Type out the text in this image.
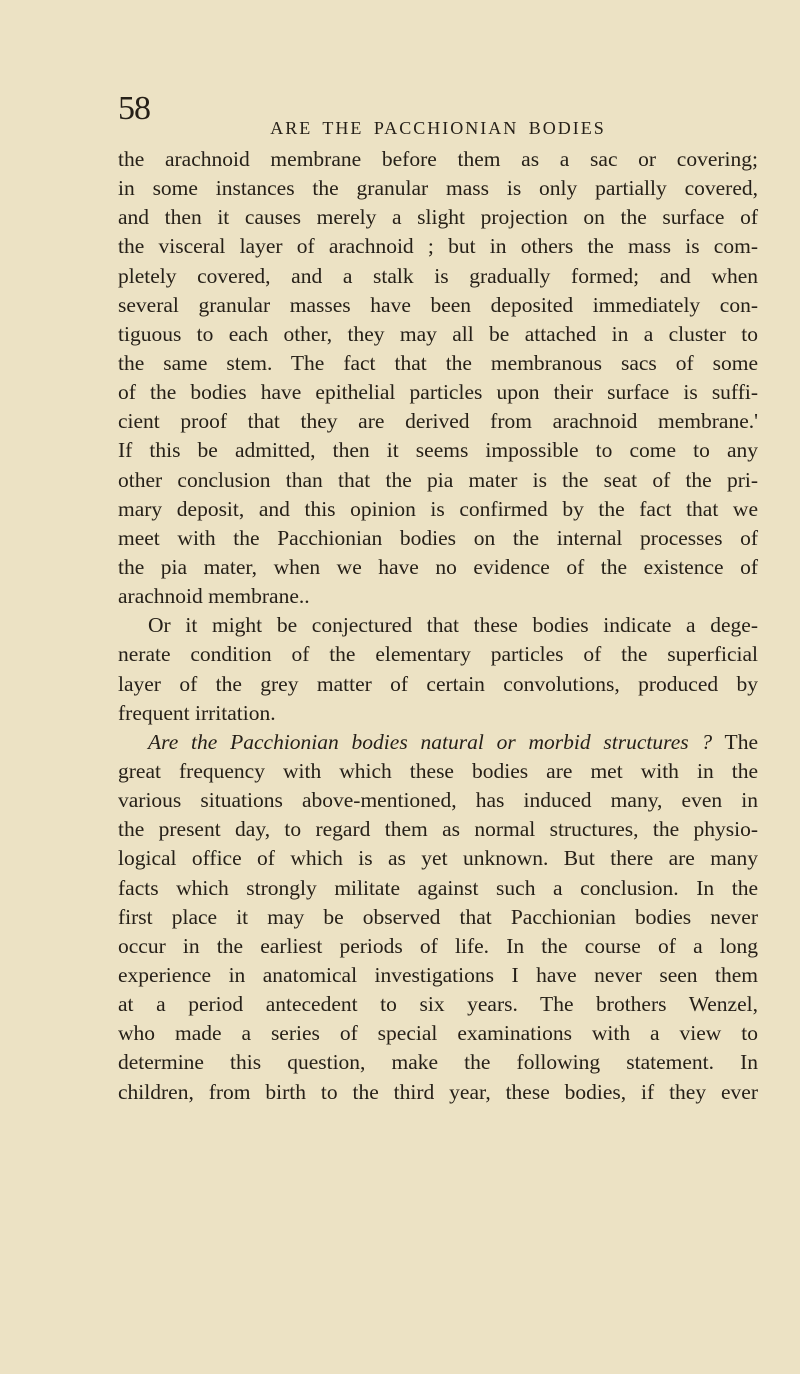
58
ARE THE PACCHIONIAN BODIES
the arachnoid membrane before them as a sac or covering;
in some instances the granular mass is only partially covered,
and then it causes merely a slight projection on the surface of
the visceral layer of arachnoid ; but in others the mass is com-
pletely covered, and a stalk is gradually formed; and when
several granular masses have been deposited immediately con-
tiguous to each other, they may all be attached in a cluster to
the same stem. The fact that the membranous sacs of some
of the bodies have epithelial particles upon their surface is suffi-
cient proof that they are derived from arachnoid membrane.'
If this be admitted, then it seems impossible to come to any
other conclusion than that the pia mater is the seat of the pri-
mary deposit, and this opinion is confirmed by the fact that we
meet with the Pacchionian bodies on the internal processes of
the pia mater, when we have no evidence of the existence of
arachnoid membrane..
Or it might be conjectured that these bodies indicate a dege-
nerate condition of the elementary particles of the superficial
layer of the grey matter of certain convolutions, produced by
frequent irritation.
Are the Pacchionian bodies natural or morbid structures ? The
great frequency with which these bodies are met with in the
various situations above-mentioned, has induced many, even in
the present day, to regard them as normal structures, the physio-
logical office of which is as yet unknown. But there are many
facts which strongly militate against such a conclusion. In the
first place it may be observed that Pacchionian bodies never
occur in the earliest periods of life. In the course of a long
experience in anatomical investigations I have never seen them
at a period antecedent to six years. The brothers Wenzel,
who made a series of special examinations with a view to
determine this question, make the following statement. In
children, from birth to the third year, these bodies, if they ever
